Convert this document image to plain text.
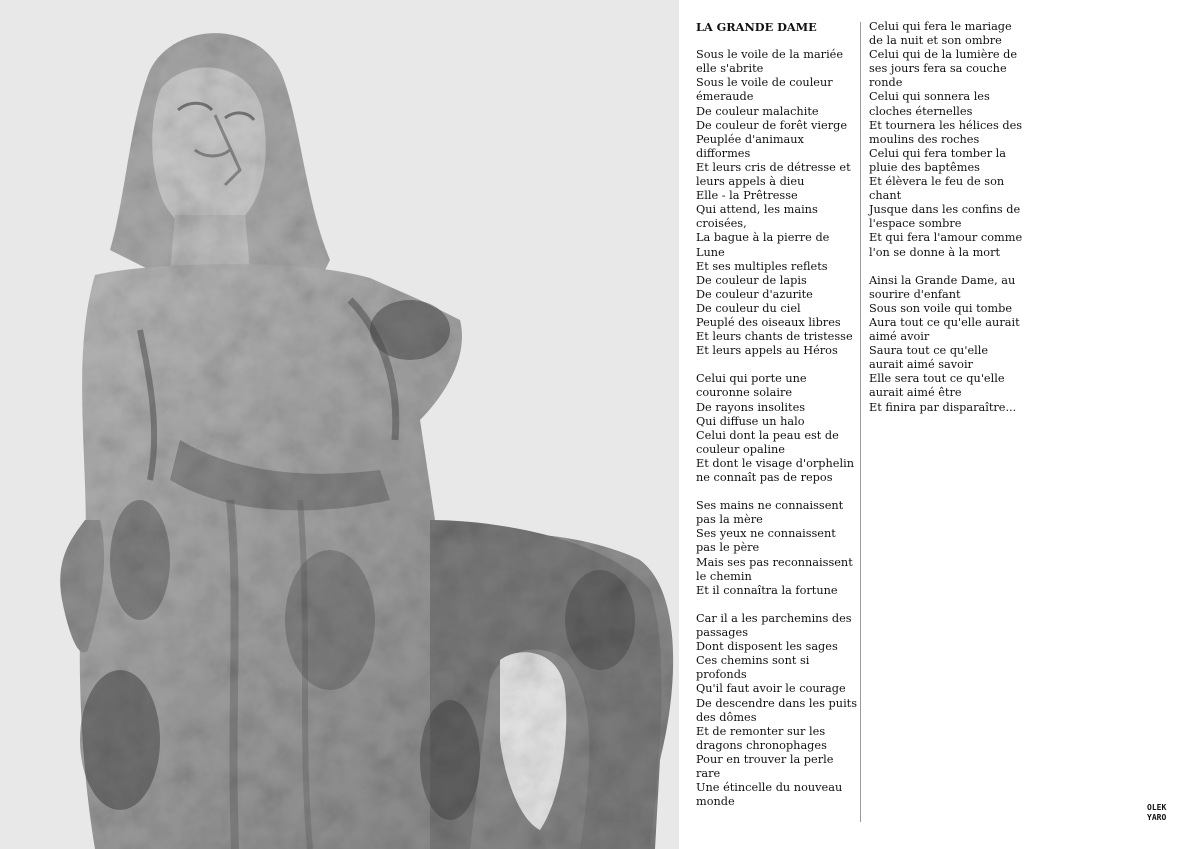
LA GRANDE DAME
Sous le voile de la mariée
elle s'abrite
Sous le voile de couleur
émeraude
De couleur malachite
De couleur de forêt vierge
Peuplée d'animaux
difformes
Et leurs cris de détresse et
leurs appels à dieu
Elle - la Prêtresse
Qui attend, les mains
croisées,
La bague à la pierre de
Lune
Et ses multiples reflets
De couleur de lapis
De couleur d'azurite
De couleur du ciel
Peuplé des oiseaux libres
Et leurs chants de tristesse
Et leurs appels au Héros
Celui qui porte une
couronne solaire
De rayons insolites
Qui diffuse un halo
Celui dont la peau est de
couleur opaline
Et dont le visage d'orphelin
ne connaît pas de repos
Ses mains ne connaissent
pas la mère
Ses yeux ne connaissent
pas le père
Mais ses pas reconnaissent
le chemin
Et il connaîtra la fortune
Car il a les parchemins des
passages
Dont disposent les sages
Ces chemins sont si
profonds
Qu'il faut avoir le courage
De descendre dans les puits
des dômes
Et de remonter sur les
dragons chronophages
Pour en trouver la perle
rare
Une étincelle du nouveau
monde
Celui qui fera le mariage
de la nuit et son ombre
Celui qui de la lumière de
ses jours fera sa couche
ronde
Celui qui sonnera les
cloches éternelles
Et tournera les hélices des
moulins des roches
Celui qui fera tomber la
pluie des baptêmes
Et élèvera le feu de son
chant
Jusque dans les confins de
l'espace sombre
Et qui fera l'amour comme
l'on se donne à la mort
Ainsi la Grande Dame, au
sourire d'enfant
Sous son voile qui tombe
Aura tout ce qu'elle aurait
aimé avoir
Saura tout ce qu'elle
aurait aimé savoir
Elle sera tout ce qu'elle
aurait aimé être
Et finira par disparaître...
OLEK
YARO
